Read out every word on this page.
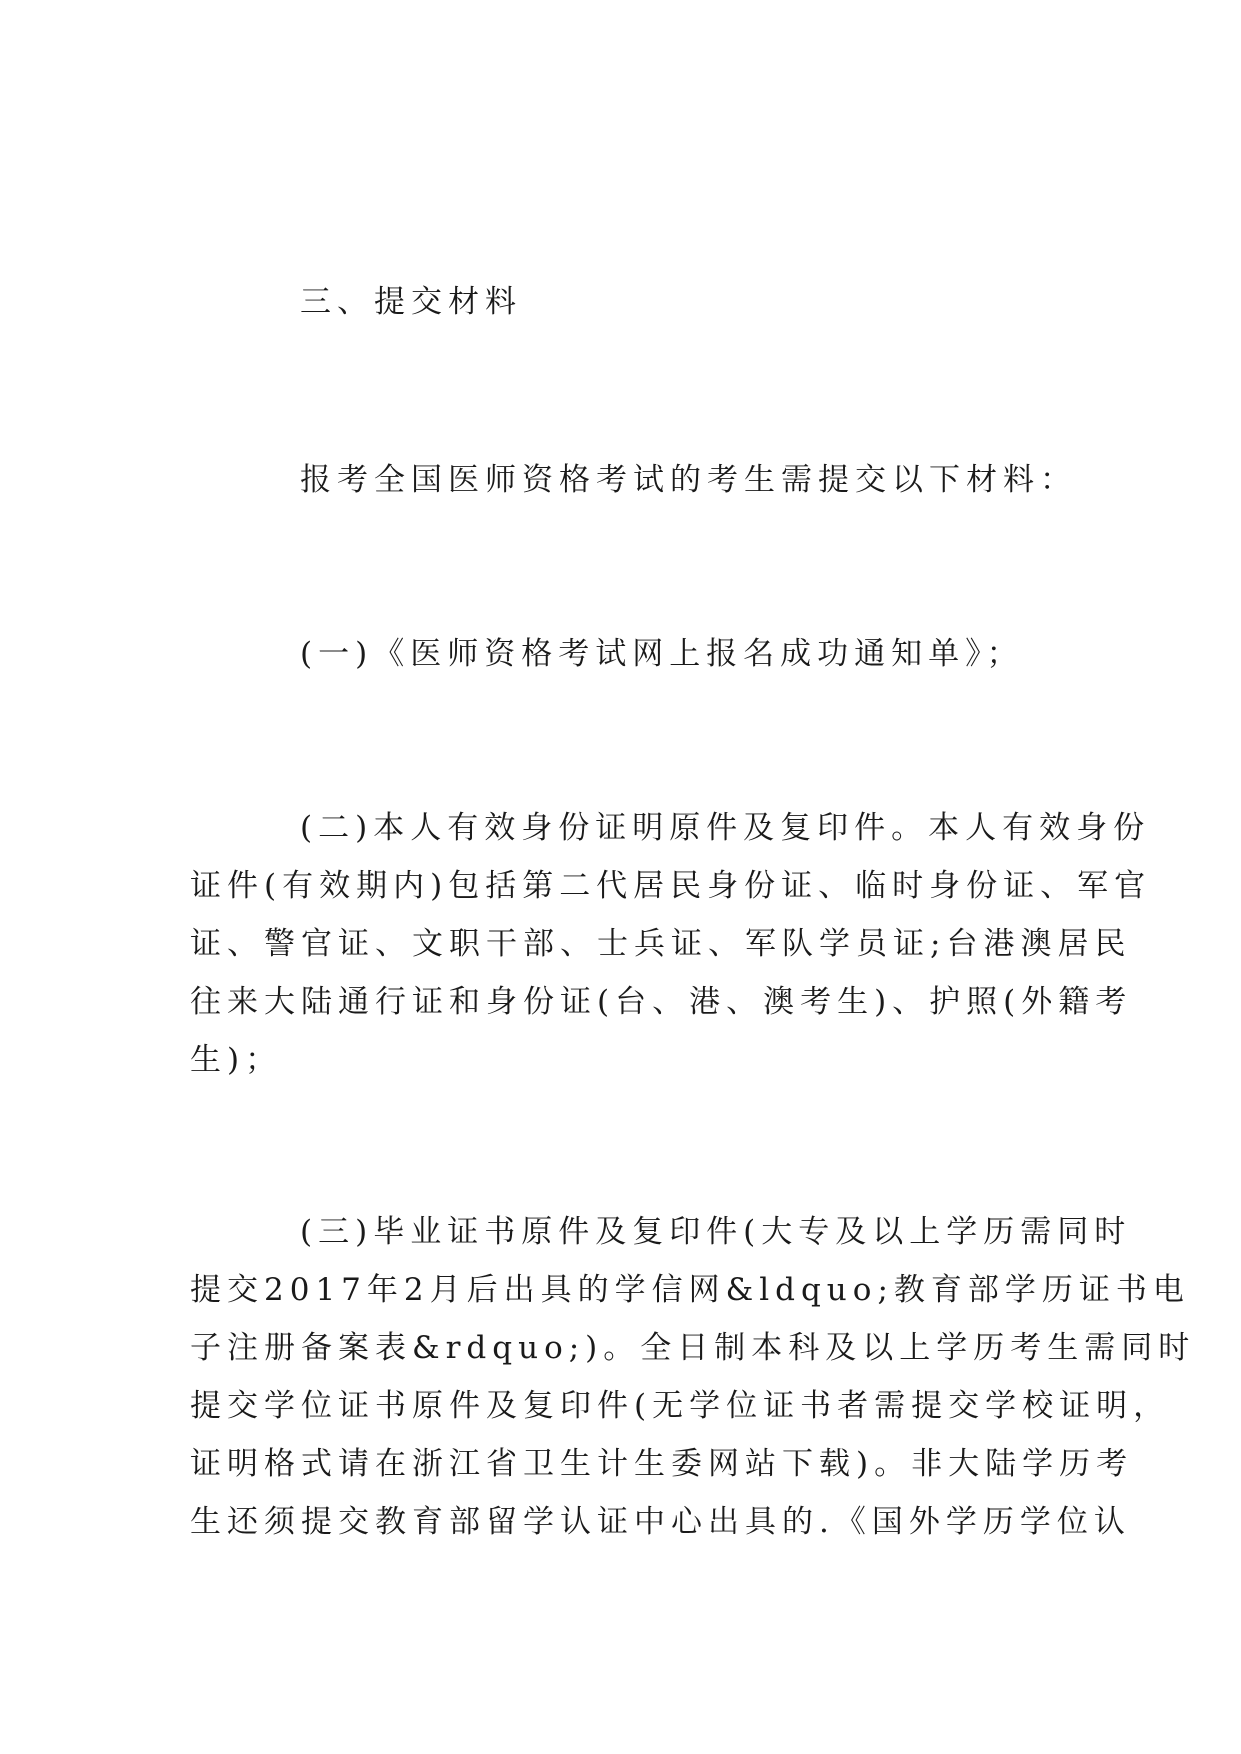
三、提交材料
报考全国医师资格考试的考生需提交以下材料：
(一)《医师资格考试网上报名成功通知单》；
(二)本人有效身份证明原件及复印件。本人有效身份
证件(有效期内)包括第二代居民身份证、临时身份证、军官
证、警官证、文职干部、士兵证、军队学员证;台港澳居民
往来大陆通行证和身份证(台、港、澳考生)、护照(外籍考
生)；
(三)毕业证书原件及复印件(大专及以上学历需同时
提交2017年2月后出具的学信网&ldquo;教育部学历证书电
子注册备案表&rdquo;)。全日制本科及以上学历考生需同时
提交学位证书原件及复印件(无学位证书者需提交学校证明，
证明格式请在浙江省卫生计生委网站下载)。非大陆学历考
生还须提交教育部留学认证中心出具的.《国外学历学位认
